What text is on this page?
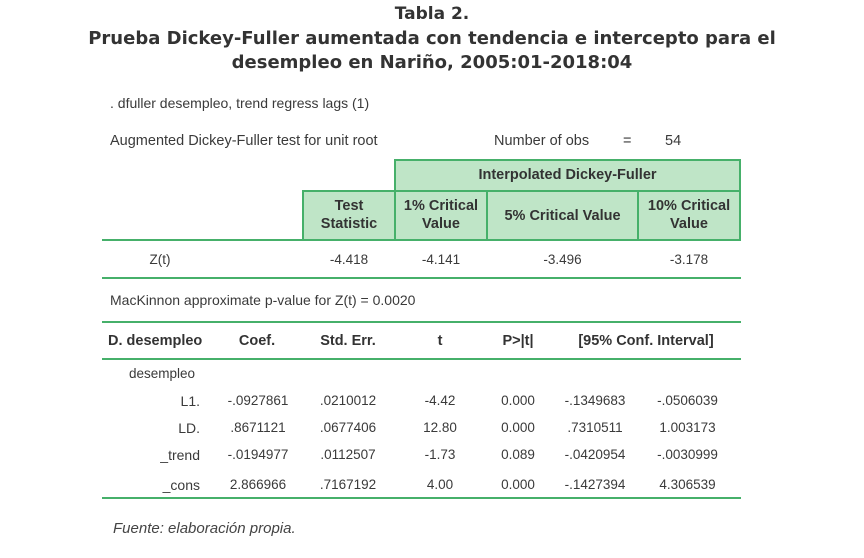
Tabla 2.
Prueba Dickey-Fuller aumentada con tendencia e intercepto para el
desempleo en Nariño, 2005:01-2018:04
. dfuller desempleo, trend regress lags (1)
Augmented Dickey-Fuller test for unit root	Number of obs = 54
Interpolated Dickey-Fuller
Test
Statistic
1% Critical
Value	5% Critical Value
10% Critical
Value
Z(t)	-4.418	-4.141	-3.496	-3.178
MacKinnon approximate p-value for Z(t) = 0.0020
D. desempleo	Coef.	Std. Err.	t	P>|t|	[95% Conf. Interval]
desempleo
L1.	-.0927861	.0210012	-4.42	0.000	-.1349683	-.0506039
LD.	.8671121	.0677406	12.80	0.000	.7310511	1.003173
_trend	-.0194977	.0112507	-1.73	0.089	-.0420954	-.0030999
_cons	2.866966	.7167192	4.00	0.000	-.1427394	4.306539
Fuente: elaboración propia.
